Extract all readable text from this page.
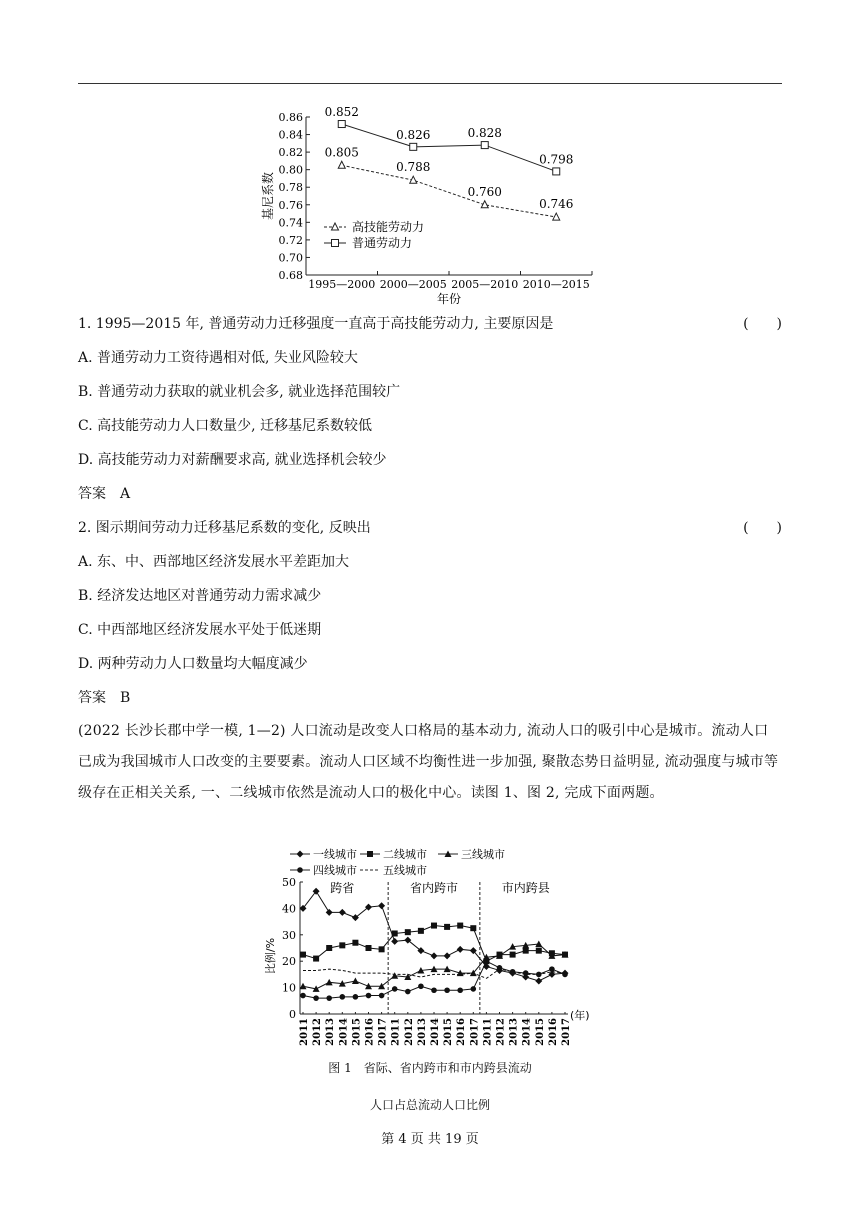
0.86
0.84
0.82
0.80
0.78
0.76
0.74
0.72
0.70
0.68
1995—2000 2000—2005 2005—2010 2010—2015
年份
基尼系数
0.852
0.826	0.828
0.798
0.805
0.788
0.760
0.746
高技能劳动力
普通劳动力
1. 1995—2015 年, 普通劳动力迁移强度一直高于高技能劳动力, 主要原因是	(　　)
A. 普通劳动力工资待遇相对低, 失业风险较大
B. 普通劳动力获取的就业机会多, 就业选择范围较广
C. 高技能劳动力人口数量少, 迁移基尼系数较低
D. 高技能劳动力对薪酬要求高, 就业选择机会较少
答案　A
2. 图示期间劳动力迁移基尼系数的变化, 反映出	(　　)
A. 东、中、西部地区经济发展水平差距加大
B. 经济发达地区对普通劳动力需求减少
C. 中西部地区经济发展水平处于低迷期
D. 两种劳动力人口数量均大幅度减少
答案　B
(2022 长沙长郡中学一模, 1—2) 人口流动是改变人口格局的基本动力, 流动人口的吸引中心是城市。流动人口已成为我国城市人口改变的主要要素。流动人口区域不均衡性进一步加强, 聚散态势日益明显, 流动强度与城市等级存在正相关关系, 一、二线城市依然是流动人口的极化中心。读图 1、图 2, 完成下面两题。
一线城市 二线城市	三线城市
四线城市 五线城市
50
40
30
20
10
0
比例/%
跨省	省内跨市	市内跨县
2011 2012 2013 2014 2015 2016 2017 2011 2012 2013 2014 2015 2016 2017 2011 2012 2013 2014 2015 2016 2017
(年)
图 1　省际、省内跨市和市内跨县流动
人口占总流动人口比例
第 4 页 共 19 页
